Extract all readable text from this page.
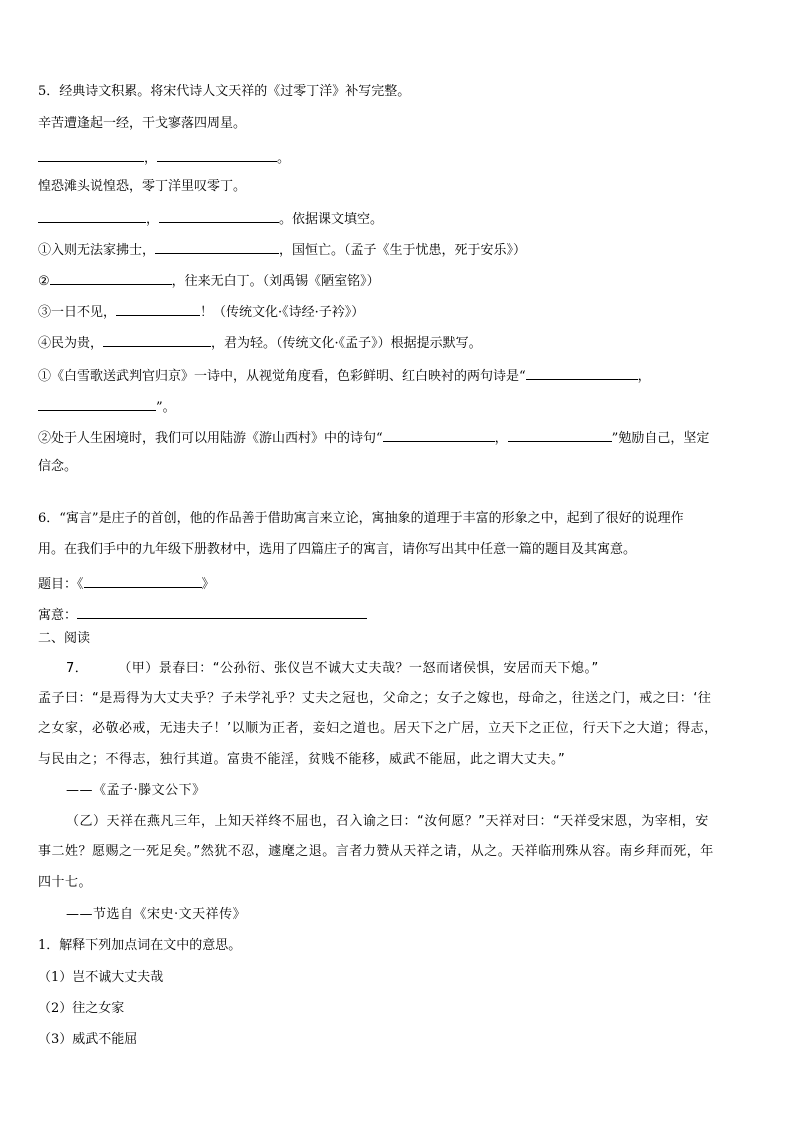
5．经典诗文积累。将宋代诗人文天祥的《过零丁洋》补写完整。
辛苦遭逢起一经，干戈寥落四周星。
，	。
惶恐滩头说惶恐，零丁洋里叹零丁。
，	。依据课文填空。
①入则无法家拂士，	，国恒亡。（孟子《生于忧患，死于安乐》）
②	，往来无白丁。（刘禹锡《陋室铭》）
③一日不见，	！（传统文化·《诗经·子衿》）
④民为贵，	，君为轻。（传统文化·《孟子》）根据提示默写。
①《白雪歌送武判官归京》一诗中，从视觉角度看，色彩鲜明、红白映衬的两句诗是“	，
”。
②处于人生困境时，我们可以用陆游《游山西村》中的诗句“	，	”勉励自己，坚定
信念。
6．“寓言”是庄子的首创，他的作品善于借助寓言来立论，寓抽象的道理于丰富的形象之中，起到了很好的说理作
用。在我们手中的九年级下册教材中，选用了四篇庄子的寓言，请你写出其中任意一篇的题目及其寓意。
题目：《	》
寓意：
二、阅读
7． （甲）景春曰：“公孙衍、张仪岂不诚大丈夫哉？一怒而诸侯惧，安居而天下熄。”
孟子曰：“是焉得为大丈夫乎？子未学礼乎？丈夫之冠也，父命之；女子之嫁也，母命之，往送之门，戒之曰：‘往
之女家，必敬必戒，无违夫子！’以顺为正者，妾妇之道也。居天下之广居，立天下之正位，行天下之大道；得志，
与民由之；不得志，独行其道。富贵不能淫，贫贱不能移，威武不能屈，此之谓大丈夫。”
——《孟子·滕文公下》
（乙）天祥在燕凡三年，上知天祥终不屈也，召入谕之曰：“汝何愿？”天祥对曰：“天祥受宋恩，为宰相，安
事二姓？愿赐之一死足矣。”然犹不忍，遽麾之退。言者力赞从天祥之请，从之。天祥临刑殊从容。南乡拜而死，年
四十七。
——节选自《宋史·文天祥传》
1．解释下列加点词在文中的意思。
（1）岂不诚大丈夫哉
（2）往之女家
（3）威武不能屈
